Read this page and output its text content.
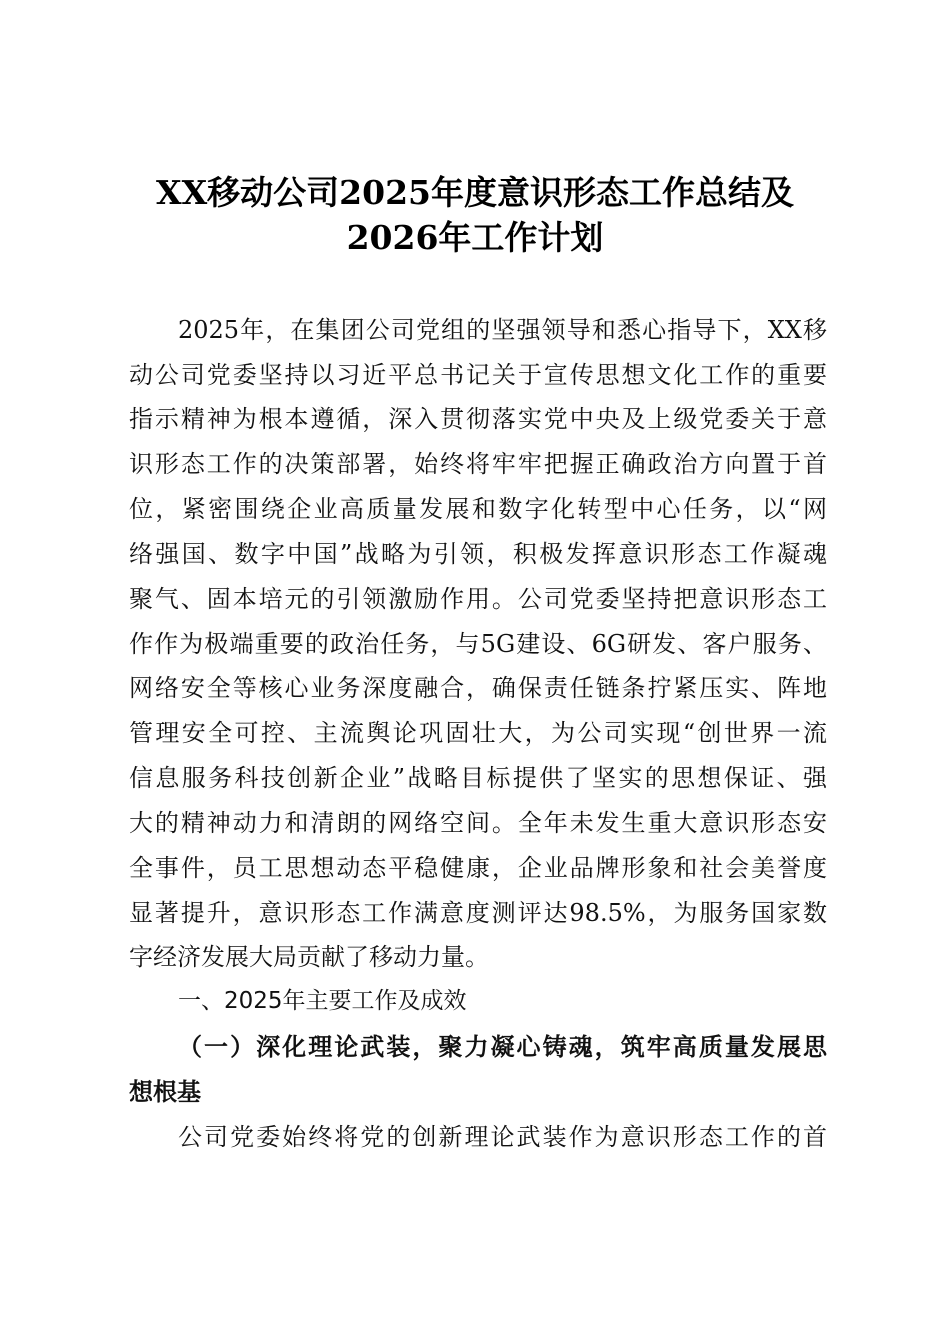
XX移动公司2025年度意识形态工作总结及
2026年工作计划
2025年，在集团公司党组的坚强领导和悉心指导下，XX移
动公司党委坚持以习近平总书记关于宣传思想文化工作的重要
指示精神为根本遵循，深入贯彻落实党中央及上级党委关于意
识形态工作的决策部署，始终将牢牢把握正确政治方向置于首
位，紧密围绕企业高质量发展和数字化转型中心任务，以“网
络强国、数字中国”战略为引领，积极发挥意识形态工作凝魂
聚气、固本培元的引领激励作用。公司党委坚持把意识形态工
作作为极端重要的政治任务，与5G建设、6G研发、客户服务、
网络安全等核心业务深度融合，确保责任链条拧紧压实、阵地
管理安全可控、主流舆论巩固壮大，为公司实现“创世界一流
信息服务科技创新企业”战略目标提供了坚实的思想保证、强
大的精神动力和清朗的网络空间。全年未发生重大意识形态安
全事件，员工思想动态平稳健康，企业品牌形象和社会美誉度
显著提升，意识形态工作满意度测评达98.5%，为服务国家数
字经济发展大局贡献了移动力量。
一、2025年主要工作及成效
（一）深化理论武装，聚力凝心铸魂，筑牢高质量发展思
想根基
公司党委始终将党的创新理论武装作为意识形态工作的首
